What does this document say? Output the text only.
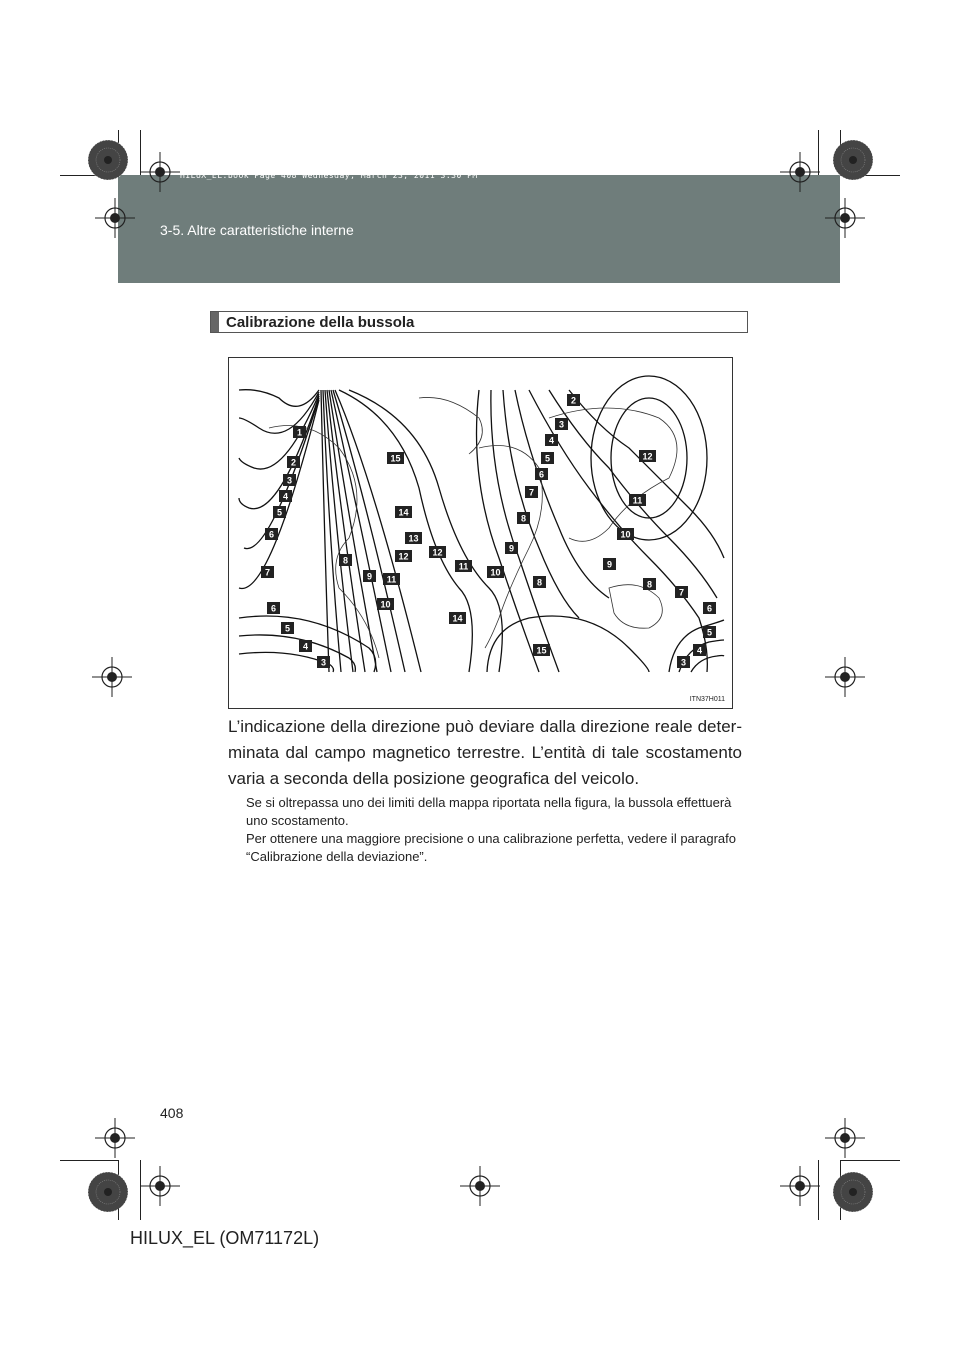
HILUX_EL.book Page 408 Wednesday, March 23, 2011 3:30 PM
3-5. Altre caratteristiche interne
Calibrazione della bussola
1
2
3
4
5
6
7
8
9
10
11
12
13
14
15
8
9
10
11
12
14
15
2
3
4
5
6
7
8
12
11
10
9
8
7
6
5
4
3
6
5
4
3
ITN37H011
L’indicazione della direzione può deviare dalla direzione reale deter-minata dal campo magnetico terrestre. L’entità di tale scostamento varia a seconda della posizione geografica del veicolo.

Se si oltrepassa uno dei limiti della mappa riportata nella figura, la bussola effettuerà uno scostamento.

Per ottenere una maggiore precisione o una calibrazione perfetta, vedere il paragrafo “Calibrazione della deviazione”.

408
HILUX_EL (OM71172L)
